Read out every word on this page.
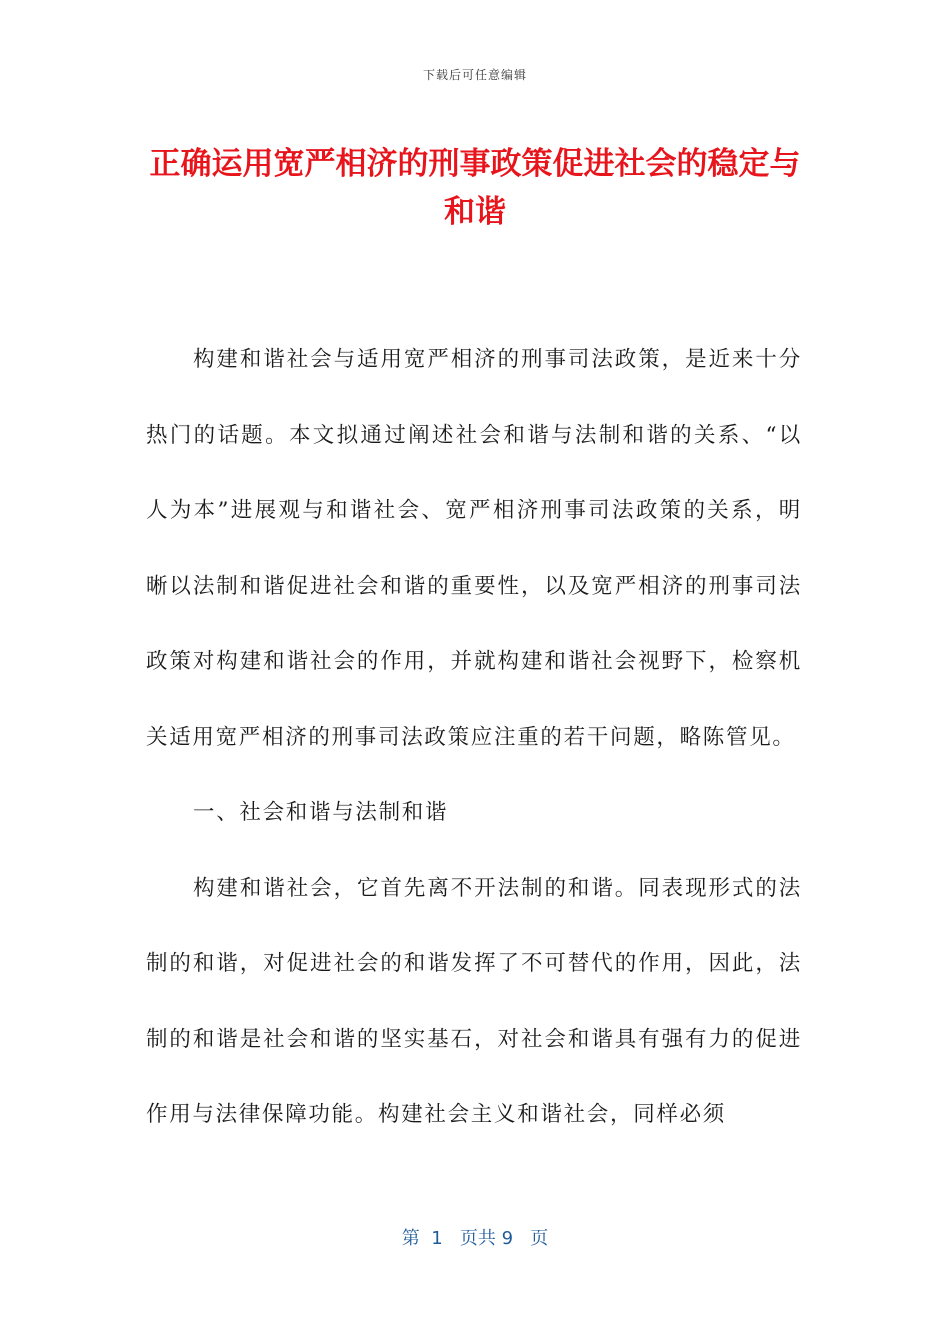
下载后可任意编辑
正确运用宽严相济的刑事政策促进社会的稳定与和谐

构建和谐社会与适用宽严相济的刑事司法政策，是近来十分热门的话题。本文拟通过阐述社会和谐与法制和谐的关系、“以人为本”进展观与和谐社会、宽严相济刑事司法政策的关系，明晰以法制和谐促进社会和谐的重要性，以及宽严相济的刑事司法政策对构建和谐社会的作用，并就构建和谐社会视野下，检察机关适用宽严相济的刑事司法政策应注重的若干问题，略陈管见。

一、社会和谐与法制和谐

构建和谐社会，它首先离不开法制的和谐。同表现形式的法制的和谐，对促进社会的和谐发挥了不可替代的作用，因此，法制的和谐是社会和谐的坚实基石，对社会和谐具有强有力的促进作用与法律保障功能。构建社会主义和谐社会，同样必须

第  1   页共 9   页
